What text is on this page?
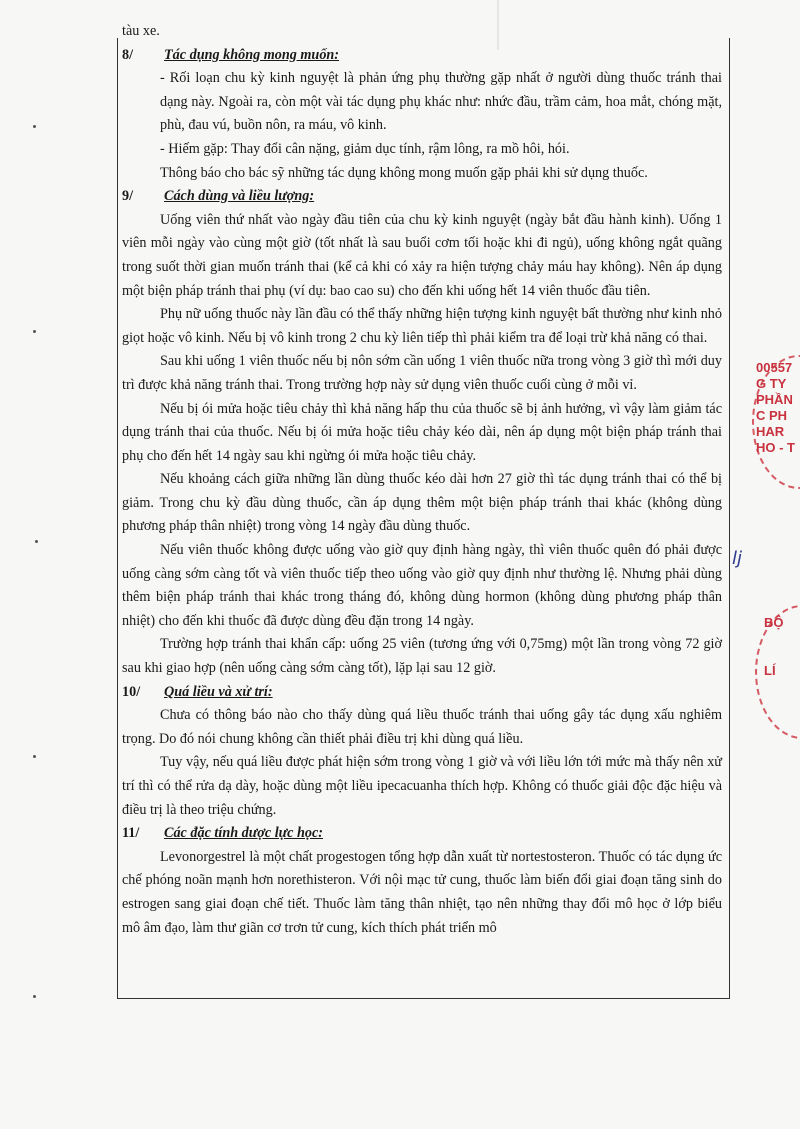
tàu xe.

8/	Tác dụng không mong muốn:

- Rối loạn chu kỳ kinh nguyệt là phản ứng phụ thường gặp nhất ở người dùng thuốc tránh thai dạng này. Ngoài ra, còn một vài tác dụng phụ khác như: nhức đầu, trầm cảm, hoa mắt, chóng mặt, phù, đau vú, buồn nôn, ra máu, vô kinh.

- Hiếm gặp: Thay đổi cân nặng, giảm dục tính, rậm lông, ra mồ hôi, hói.

Thông báo cho bác sỹ những tác dụng không mong muốn gặp phải khi sử dụng thuốc.

9/	Cách dùng và liều lượng:

Uống viên thứ nhất vào ngày đầu tiên của chu kỳ kinh nguyệt (ngày bắt đầu hành kinh). Uống 1 viên mỗi ngày vào cùng một giờ (tốt nhất là sau buổi cơm tối hoặc khi đi ngủ), uống không ngắt quãng trong suốt thời gian muốn tránh thai (kể cả khi có xảy ra hiện tượng chảy máu hay không). Nên áp dụng một biện pháp tránh thai phụ (ví dụ: bao cao su) cho đến khi uống hết 14 viên thuốc đầu tiên.

Phụ nữ uống thuốc này lần đầu có thể thấy những hiện tượng kinh nguyệt bất thường như kinh nhỏ giọt hoặc vô kinh. Nếu bị vô kinh trong 2 chu kỳ liên tiếp thì phải kiểm tra để loại trừ khả năng có thai.

Sau khi uống 1 viên thuốc nếu bị nôn sớm cần uống 1 viên thuốc nữa trong vòng 3 giờ thì mới duy trì được khả năng tránh thai. Trong trường hợp này sử dụng viên thuốc cuối cùng ở mỗi vỉ.

Nếu bị ói mửa hoặc tiêu chảy thì khả năng hấp thu của thuốc sẽ bị ảnh hưởng, vì vậy làm giảm tác dụng tránh thai của thuốc. Nếu bị ói mửa hoặc tiêu chảy kéo dài, nên áp dụng một biện pháp tránh thai phụ cho đến hết 14 ngày sau khi ngừng ói mửa hoặc tiêu chảy.

Nếu khoảng cách giữa những lần dùng thuốc kéo dài hơn 27 giờ thì tác dụng tránh thai có thể bị giảm. Trong chu kỳ đầu dùng thuốc, cần áp dụng thêm một biện pháp tránh thai khác (không dùng phương pháp thân nhiệt) trong vòng 14 ngày đầu dùng thuốc.

Nếu viên thuốc không được uống vào giờ quy định hàng ngày, thì viên thuốc quên đó phải được uống càng sớm càng tốt và viên thuốc tiếp theo uống vào giờ quy định như thường lệ. Nhưng phải dùng thêm biện pháp tránh thai khác trong tháng đó, không dùng hormon (không dùng phương pháp thân nhiệt) cho đến khi thuốc đã được dùng đều đặn trong 14 ngày.

Trường hợp tránh thai khẩn cấp: uống 25 viên (tương ứng với 0,75mg) một lần trong vòng 72 giờ sau khi giao hợp (nên uống càng sớm càng tốt), lặp lại sau 12 giờ.

10/	Quá liều và xử trí:

Chưa có thông báo nào cho thấy dùng quá liều thuốc tránh thai uống gây tác dụng xấu nghiêm trọng. Do đó nói chung không cần thiết phải điều trị khi dùng quá liều.

Tuy vậy, nếu quá liều được phát hiện sớm trong vòng 1 giờ và với liều lớn tới mức mà thấy nên xử trí thì có thể rửa dạ dày, hoặc dùng một liều ipecacuanha thích hợp. Không có thuốc giải độc đặc hiệu và điều trị là theo triệu chứng.

11/	Các đặc tính dược lực học:

Levonorgestrel là một chất progestogen tổng hợp dẫn xuất từ nortestosteron. Thuốc có tác dụng ức chế phóng noãn mạnh hơn norethisteron. Với nội mạc tử cung, thuốc làm biến đổi giai đoạn tăng sinh do estrogen sang giai đoạn chế tiết. Thuốc làm tăng thân nhiệt, tạo nên những thay đổi mô học ở lớp biểu mô âm đạo, làm thư giãn cơ trơn tử cung, kích thích phát triển mô

00557
G TY
PHẦN
C PH
HAR
HO - T
BỘ

LÍ
lj
